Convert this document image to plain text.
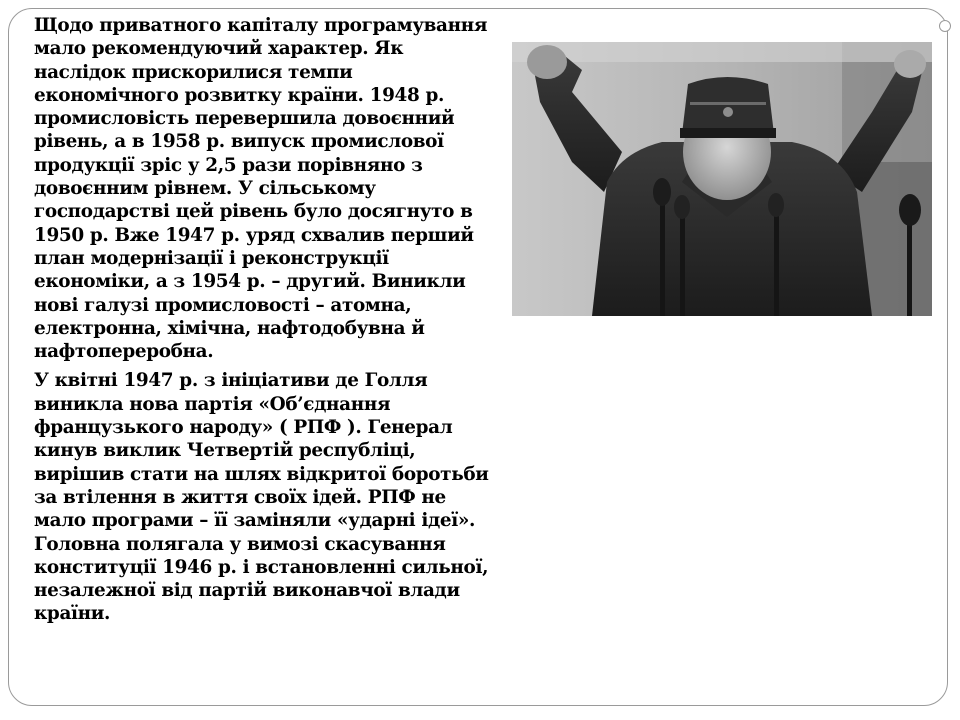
Щодо приватного капіталу програмування
мало рекомендуючий характер. Як
наслідок прискорилися темпи
економічного розвитку країни. 1948 р.
промисловість перевершила довоєнний
рівень, а в 1958 р. випуск промислової
продукції зріс у 2,5 рази порівняно з
довоєнним рівнем. У сільському
господарстві цей рівень було досягнуто в
1950 р. Вже 1947 р. уряд схвалив перший
план модернізації і реконструкції
економіки, а з 1954 р. – другий. Виникли
нові галузі промисловості – атомна,
електронна, хімічна, нафтодобувна й
нафтопереробна.

У квітні 1947 р. з ініціативи де Голля
виникла нова партія «Об’єднання
французького народу» ( РПФ ). Генерал
кинув виклик Четвертій республіці,
вирішив стати на шлях відкритої боротьби
за втілення в життя своїх ідей. РПФ не
мало програми – її заміняли «ударні ідеї».
Головна полягала у вимозі скасування
конституції 1946 р. і встановленні сильної,
незалежної від партій виконавчої влади
країни.
